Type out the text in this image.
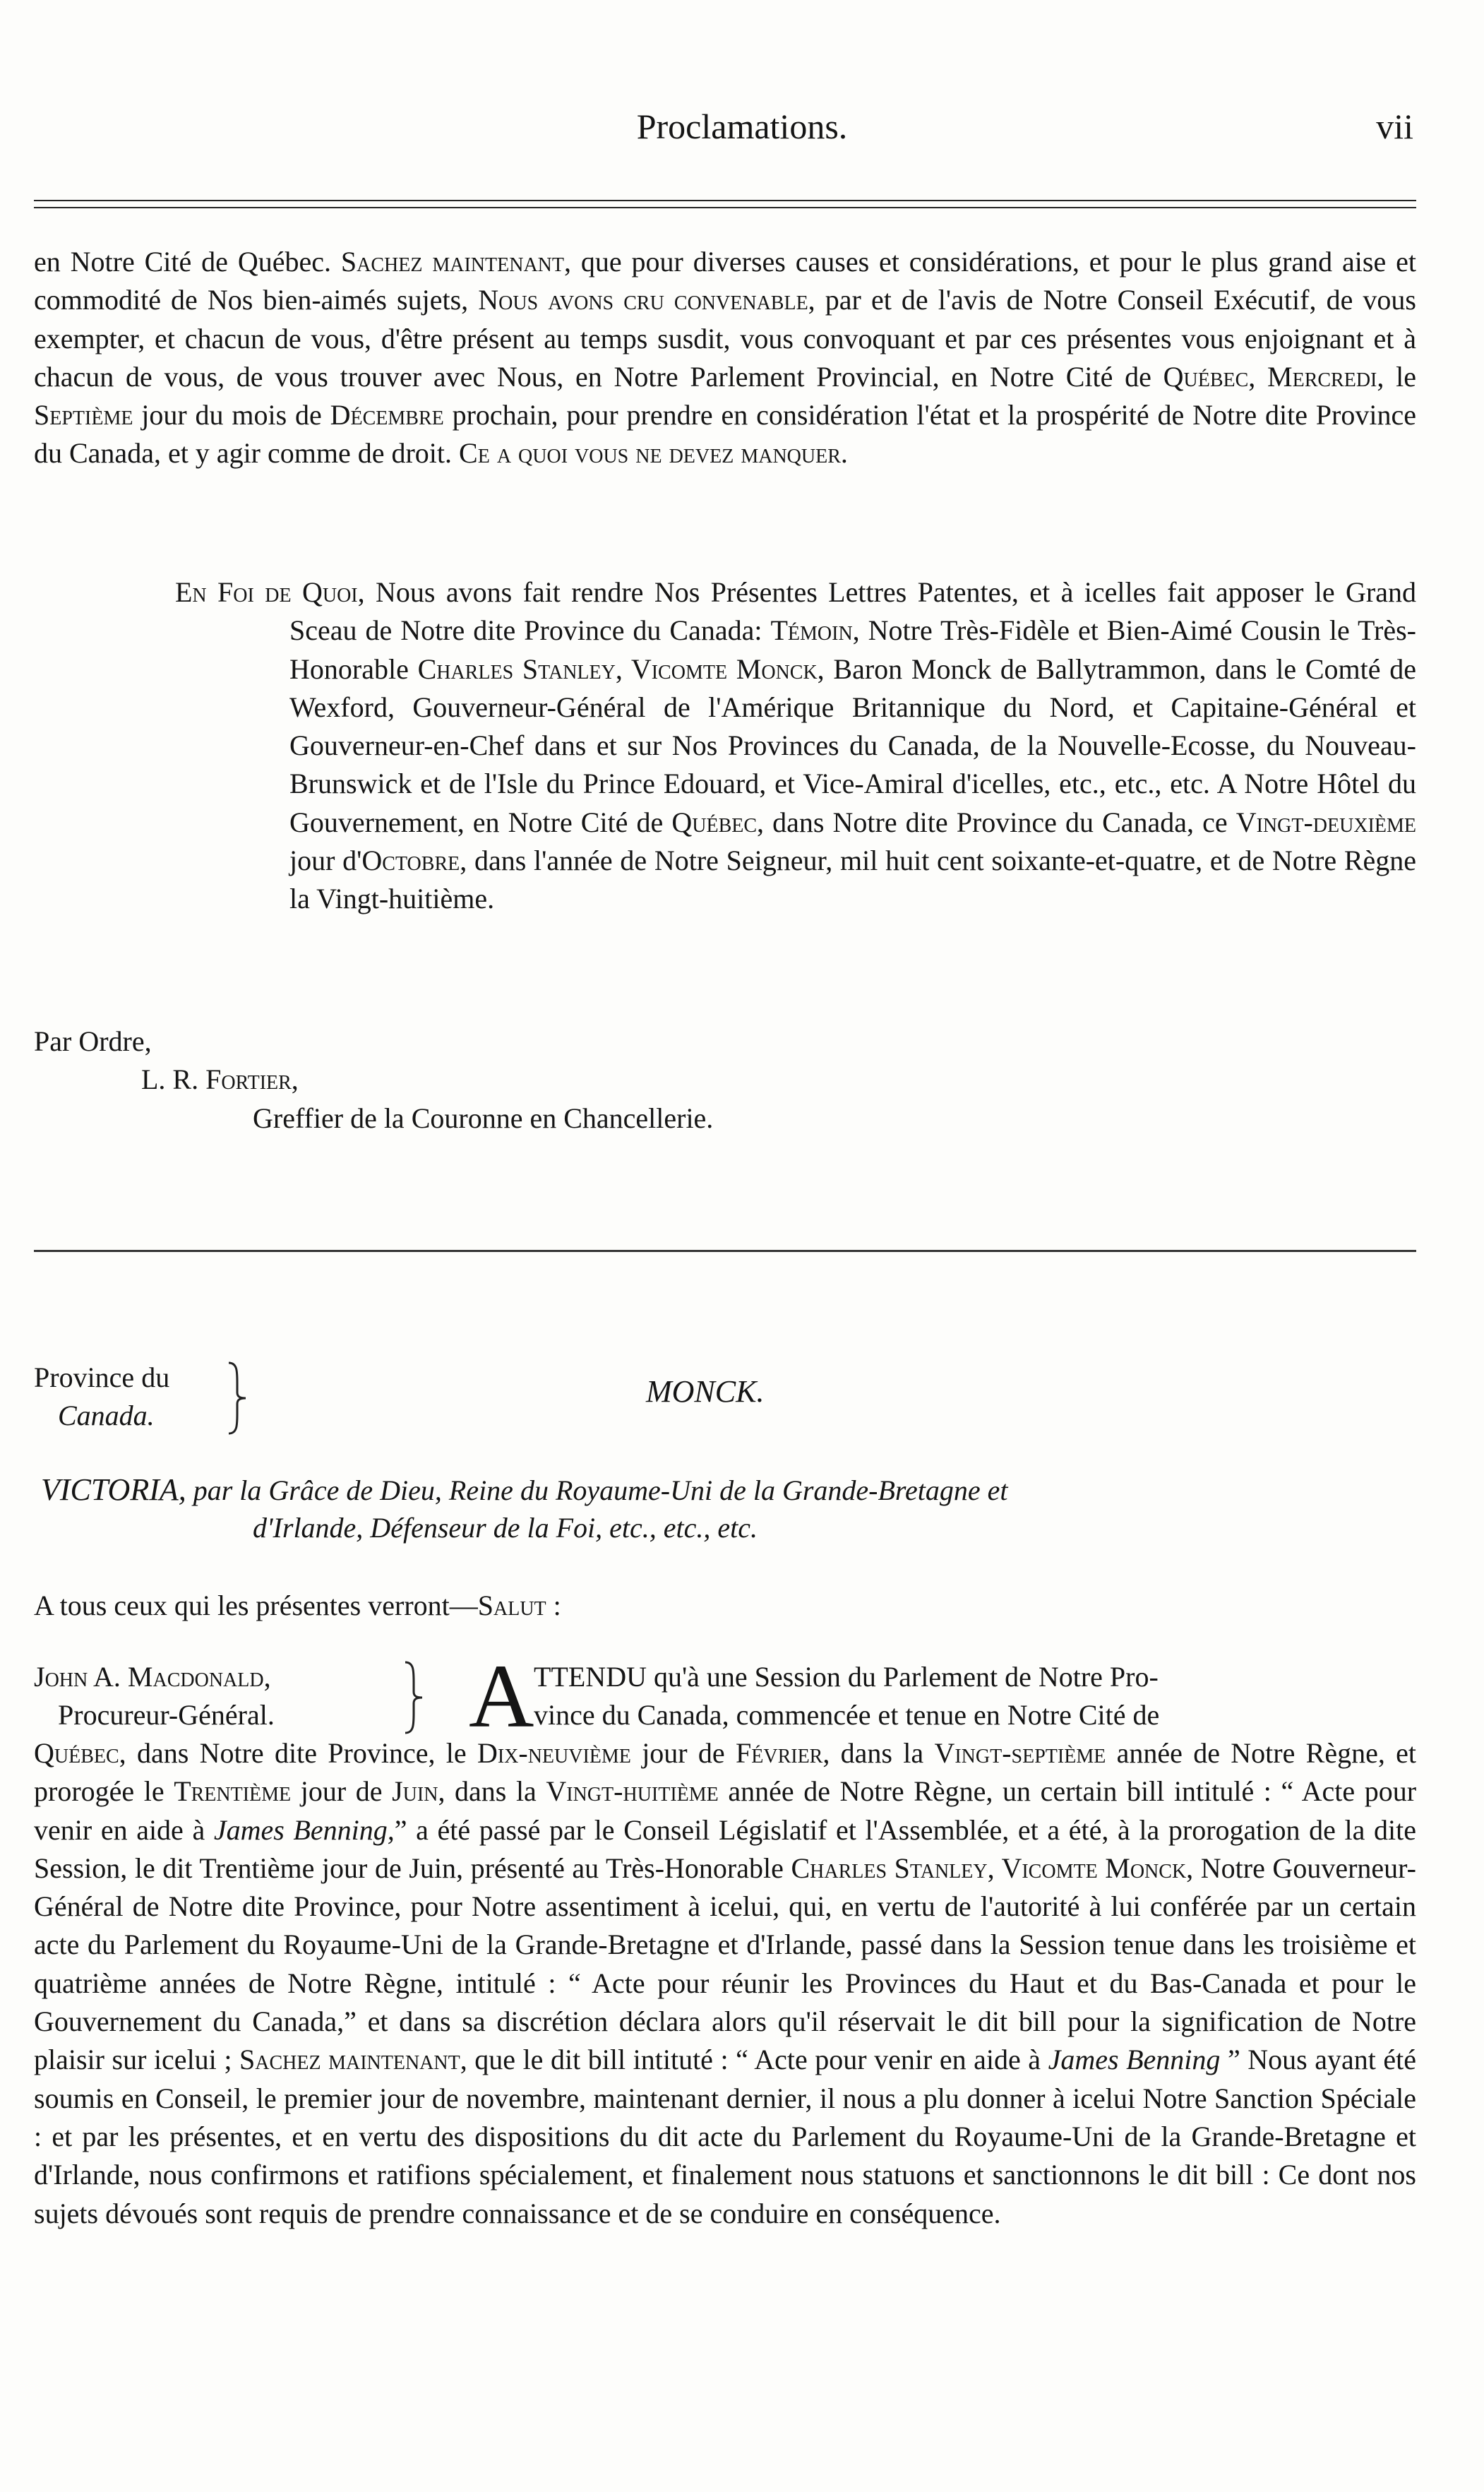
Proclamations.	vii
en Notre Cité de Québec. Sachez maintenant, que pour diverses causes et considérations, et pour le plus grand aise et commodité de Nos bien-aimés sujets, Nous avons cru convenable, par et de l'avis de Notre Conseil Exécutif, de vous exempter, et chacun de vous, d'être présent au temps susdit, vous convoquant et par ces présentes vous enjoignant et à chacun de vous, de vous trouver avec Nous, en Notre Parlement Provincial, en Notre Cité de Québec, Mercredi, le Septième jour du mois de Décembre prochain, pour prendre en considération l'état et la prospérité de Notre dite Province du Canada, et y agir comme de droit. Ce a quoi vous ne devez manquer.
En Foi de Quoi, Nous avons fait rendre Nos Présentes Lettres Patentes, et à icelles fait apposer le Grand Sceau de Notre dite Province du Canada: Témoin, Notre Très-Fidèle et Bien-Aimé Cousin le Très-Honorable Charles Stanley, Vicomte Monck, Baron Monck de Ballytrammon, dans le Comté de Wexford, Gouverneur-Général de l'Amérique Britannique du Nord, et Capitaine-Général et Gouverneur-en-Chef dans et sur Nos Provinces du Canada, de la Nouvelle-Ecosse, du Nouveau-Brunswick et de l'Isle du Prince Edouard, et Vice-Amiral d'icelles, etc., etc., etc. A Notre Hôtel du Gouvernement, en Notre Cité de Québec, dans Notre dite Province du Canada, ce Vingt-deuxième jour d'Octobre, dans l'année de Notre Seigneur, mil huit cent soixante-et-quatre, et de Notre Règne la Vingt-huitième.
Par Ordre,
L. R. Fortier,
Greffier de la Couronne en Chancellerie.
Province du
Canada.
MONCK.
VICTORIA, par la Grâce de Dieu, Reine du Royaume-Uni de la Grande-Bretagne et
d'Irlande, Défenseur de la Foi, etc., etc., etc.
A tous ceux qui les présentes verront—Salut :
John A. Macdonald,
Procureur-Général. A TTENDU qu'à une Session du Parlement de Notre Pro-
vince du Canada, commencée et tenue en Notre Cité de
Québec, dans Notre dite Province, le Dix-neuvième jour de Février, dans la Vingt-septième année de Notre Règne, et prorogée le Trentième jour de Juin, dans la Vingt-huitième année de Notre Règne, un certain bill intitulé : “ Acte pour venir en aide à James Benning,” a été passé par le Conseil Législatif et l'Assemblée, et a été, à la prorogation de la dite Session, le dit Trentième jour de Juin, présenté au Très-Honorable Charles Stanley, Vicomte Monck, Notre Gouverneur-Général de Notre dite Province, pour Notre assentiment à icelui, qui, en vertu de l'autorité à lui conférée par un certain acte du Parlement du Royaume-Uni de la Grande-Bretagne et d'Irlande, passé dans la Session tenue dans les troisième et quatrième années de Notre Règne, intitulé : “ Acte pour réunir les Provinces du Haut et du Bas-Canada et pour le Gouvernement du Canada,” et dans sa discrétion déclara alors qu'il réservait le dit bill pour la signification de Notre plaisir sur icelui ; Sachez maintenant, que le dit bill intituté : “ Acte pour venir en aide à James Benning ” Nous ayant été soumis en Conseil, le premier jour de novembre, maintenant dernier, il nous a plu donner à icelui Notre Sanction Spéciale : et par les présentes, et en vertu des dispositions du dit acte du Parlement du Royaume-Uni de la Grande-Bretagne et d'Irlande, nous confirmons et ratifions spécialement, et finalement nous statuons et sanctionnons le dit bill : Ce dont nos sujets dévoués sont requis de prendre connaissance et de se conduire en conséquence.
